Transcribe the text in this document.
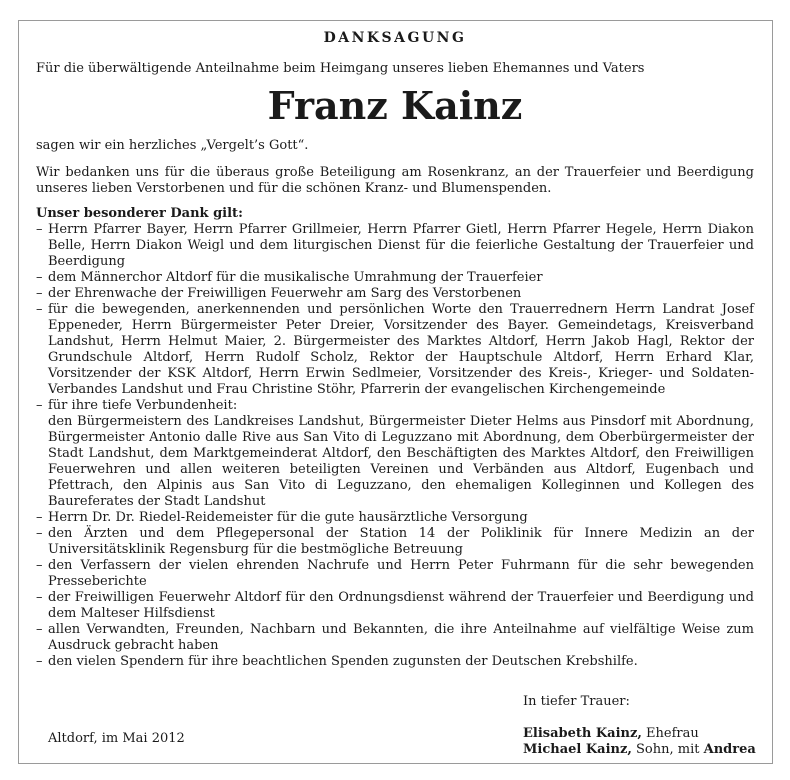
DANKSAGUNG
Für die überwältigende Anteilnahme beim Heimgang unseres lieben Ehemannes und Vaters
Franz Kainz
sagen wir ein herzliches „Vergelt’s Gott“.
Wir bedanken uns für die überaus große Beteiligung am Rosenkranz, an der Trauerfeier und Beerdigung unseres lieben Verstorbenen und für die schönen Kranz- und Blumenspenden.
Unser besonderer Dank gilt:
– Herrn Pfarrer Bayer, Herrn Pfarrer Grillmeier, Herrn Pfarrer Gietl, Herrn Pfarrer Hegele, Herrn Diakon Belle, Herrn Diakon Weigl und dem liturgischen Dienst für die feierliche Gestaltung der Trauerfeier und Beerdigung
– dem Männerchor Altdorf für die musikalische Umrahmung der Trauerfeier
– der Ehrenwache der Freiwilligen Feuerwehr am Sarg des Verstorbenen
– für die bewegenden, anerkennenden und persönlichen Worte den Trauerrednern Herrn Landrat Josef Eppeneder, Herrn Bürgermeister Peter Dreier, Vorsitzender des Bayer. Gemeindetags, Kreisverband Landshut, Herrn Helmut Maier, 2. Bürgermeister des Marktes Altdorf, Herrn Jakob Hagl, Rektor der Grundschule Altdorf, Herrn Rudolf Scholz, Rektor der Hauptschule Altdorf, Herrn Erhard Klar, Vorsitzender der KSK Altdorf, Herrn Erwin Sedlmeier, Vorsitzender des Kreis-, Krieger- und Soldaten-Verbandes Landshut und Frau Christine Stöhr, Pfarrerin der evangelischen Kirchengemeinde
– für ihre tiefe Verbundenheit:
den Bürgermeistern des Landkreises Landshut, Bürgermeister Dieter Helms aus Pinsdorf mit Abordnung, Bürgermeister Antonio dalle Rive aus San Vito di Leguzzano mit Abordnung, dem Oberbürgermeister der Stadt Landshut, dem Marktgemeinderat Altdorf, den Beschäftigten des Marktes Altdorf, den Freiwilligen Feuerwehren und allen weiteren beteiligten Vereinen und Verbänden aus Altdorf, Eugenbach und Pfettrach, den Alpinis aus San Vito di Leguzzano, den ehemaligen Kolleginnen und Kollegen des Baureferates der Stadt Landshut
– Herrn Dr. Dr. Riedel-Reidemeister für die gute hausärztliche Versorgung
– den Ärzten und dem Pflegepersonal der Station 14 der Poliklinik für Innere Medizin an der Universitätsklinik Regensburg für die bestmögliche Betreuung
– den Verfassern der vielen ehrenden Nachrufe und Herrn Peter Fuhrmann für die sehr bewegenden Presseberichte
– der Freiwilligen Feuerwehr Altdorf für den Ordnungsdienst während der Trauerfeier und Beerdigung und dem Malteser Hilfsdienst
– allen Verwandten, Freunden, Nachbarn und Bekannten, die ihre Anteilnahme auf vielfältige Weise zum Ausdruck gebracht haben
– den vielen Spendern für ihre beachtlichen Spenden zugunsten der Deutschen Krebshilfe.
Altdorf, im Mai 2012
In tiefer Trauer:
Elisabeth Kainz, Ehefrau
Michael Kainz, Sohn, mit Andrea
